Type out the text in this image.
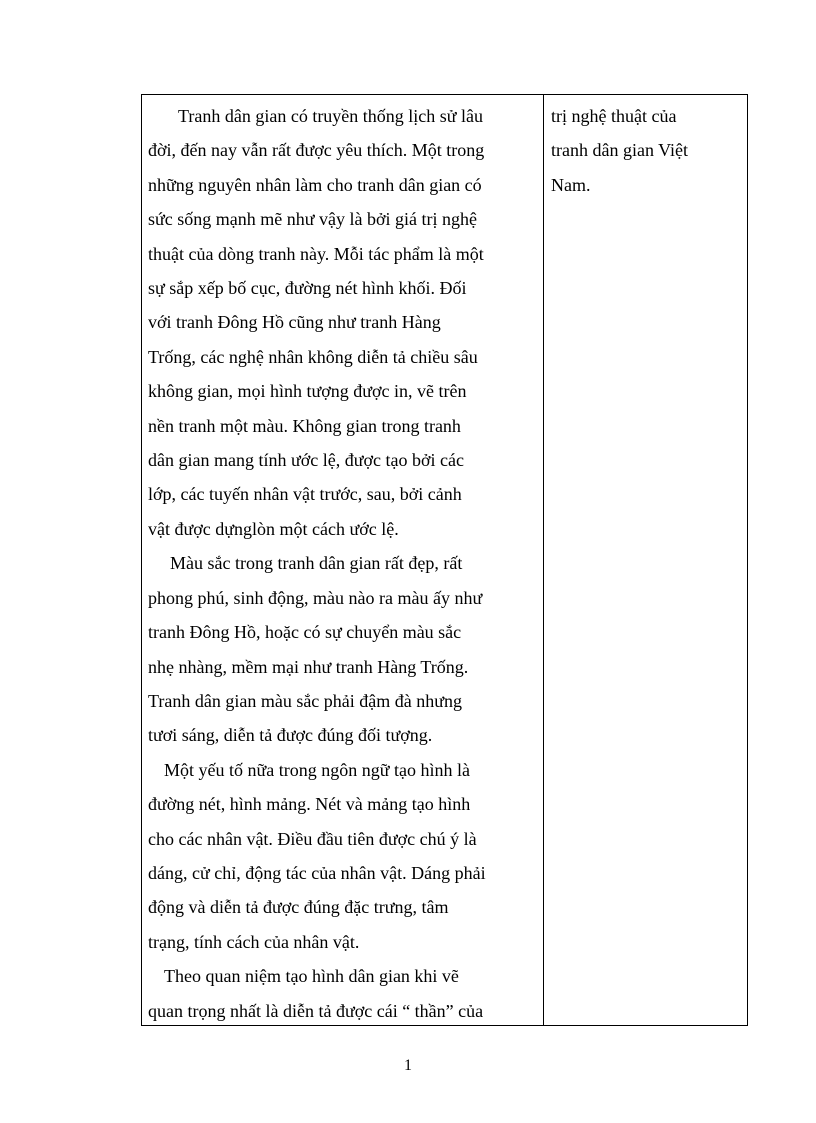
Tranh dân gian có truyền thống lịch sử lâu
đời, đến nay vẫn rất được yêu thích. Một trong
những nguyên nhân làm cho tranh dân gian có
sức sống mạnh mẽ như vậy là bởi giá trị nghệ
thuật của dòng tranh này. Mỗi tác phẩm là một
sự sắp xếp bố cục, đường nét hình khối. Đối
với tranh Đông Hồ cũng như tranh Hàng
Trống, các nghệ nhân không diễn tả chiều sâu
không gian, mọi hình tượng được in, vẽ trên
nền tranh một màu. Không gian trong tranh
dân gian mang tính ước lệ, được tạo bởi các
lớp, các tuyến nhân vật trước, sau, bởi cảnh
vật được dựnglòn một cách ước lệ.

Màu sắc trong tranh dân gian rất đẹp, rất
phong phú, sinh động, màu nào ra màu ấy như
tranh Đông Hồ, hoặc có sự chuyển màu sắc
nhẹ nhàng, mềm mại như tranh Hàng Trống.
Tranh dân gian màu sắc phải đậm đà nhưng
tươi sáng, diễn tả được đúng đối tượng.

Một yếu tố nữa trong ngôn ngữ tạo hình là
đường nét, hình mảng. Nét và mảng tạo hình
cho các nhân vật. Điều đầu tiên được chú ý là
dáng, cử chỉ, động tác của nhân vật. Dáng phải
động và diễn tả được đúng đặc trưng, tâm
trạng, tính cách của nhân vật.

Theo quan niệm tạo hình dân gian khi vẽ
quan trọng nhất là diễn tả được cái “ thần” của

trị nghệ thuật của
tranh dân gian Việt
Nam.

1
